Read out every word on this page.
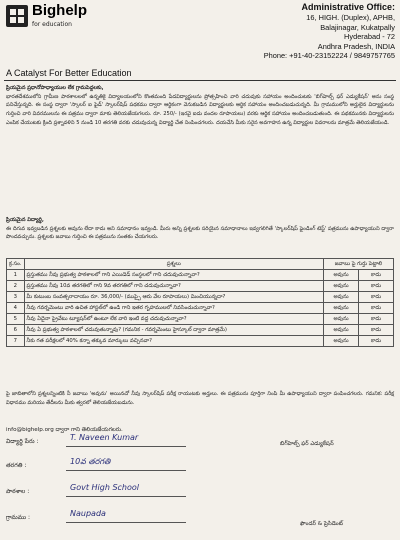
Bighelp
for education
Administrative Office:
16, HIGH. (Duplex), APHB,
Balajinagar, Kukatpally
Hyderabad - 72
Andhra Pradesh, INDIA
Phone: +91-40-23152224 / 9849757765
A Catalyst For Better Education
ప్రియమైన ప్రధానోపాధ్యాయుల లేక గ్రామపెద్దలకు,
భారతదేశములోని గ్రామీణ పాఠశాలలలో ఉన్నతికై విద్యాలయంలోని కొంతమంది పేదవిద్యార్థులను ప్రోత్సహించి వారి చదువుకు సహాయం అందించుటకు 'బిగ్‌హెల్ప్ ఫర్ ఎడ్యుకేషన్' అను సంస్థ పనిచేస్తున్నది. ఈ సంస్థ ద్వారా 'స్కాలర్ ఐ ఫైడ్' స్కాలర్‌షిప్ పథకము ద్వారా ఆర్థికంగా వెనుకబడిన విద్యార్థులకు ఆర్థిక సహాయం అందించబడుచున్నది. మీ గ్రామములోని అర్హులైన విద్యార్థులను గుర్తించి వారి వివరములను ఈ పత్రము ద్వారా మాకు తెలియజేయగలరు. రూ. 250/- (ఇరవై ఐదు వందల రూపాయలు) వరకు ఆర్థిక సహాయం అందించబడుతుంది. ఈ పథకమునకు విద్యార్థులను ఎంపిక చేయుటకు క్రింది ప్రశ్నావళిని 5 నుండి 10 తరగతి వరకు చదువుచున్న విద్యార్థి చేత నింపించగలరు. దయచేసి మీకు సరైన అవగాహన ఉన్న విద్యార్థుల వివరాలను మాత్రమే తెలియజేయండి.
ప్రియమైన విద్యార్థి,
ఈ దిగువ ఇవ్వబడిన ప్రశ్నలకు అవును లేదా కాదు అని సమాధానం ఇవ్వండి. మీరు అన్ని ప్రశ్నలకు సరియైన సమాధానాలు ఇవ్వగలిగితే 'స్కాలర్‌షిప్ ఫైండింగ్ టెస్ట్' పత్రమును ఉపాధ్యాయుని ద్వారా పొందవచ్చును. ప్రశ్నలకు జవాబు గుర్తించి ఈ పత్రమును సంతకం చేయగలరు.
క్ర.సం.	ప్రశ్నలు	జవాబు పై గుర్తు పెట్టాలి	
1	ప్రస్తుతము నీవు ప్రభుత్వ పాఠశాలలో గాని ఎయిడెడ్ సంస్థలలో గాని చదువుచున్నావా?	అవును	కాదు
2	ప్రస్తుతము నీవు 10వ తరగతిలో గాని 9వ తరగతిలో గాని చదువుచున్నావా?	అవును	కాదు
3	మీ కుటుంబ సంవత్సరాదాయం రూ. 36,000/- (ముప్పై ఆరు వేల రూపాయలు) మించియున్నదా?	అవును	కాదు
4	నీవు గవర్నమెంటు వారి ఉచిత హాస్టల్‌లో ఉండి గాని ఇతర గృహములలో నివసించుచున్నావా?	అవును	కాదు
5	నీవు ఏదైనా ప్రైవేటు ట్యూషన్‌లో ఉంటూ లేక వారి ఇంటి వద్ద చదువుచున్నావా?	అవును	కాదు
6	నీవు ఏ ప్రభుత్వ పాఠశాలలో చదువుతున్నావు? (గమనిక - గవర్నమెంటు హైస్కూల్ ద్వారా మాత్రమే)	అవును	కాదు
7	నీకు గత పరీక్షలలో 40% కన్నా తక్కువ మార్కులు వచ్చినవా?	అవును	కాదు
పై జాబితాలోని ప్రశ్నలన్నింటికి నీ జవాబు 'అవును' అయినచో నీవు స్కాలర్‌షిప్ పరీక్ష రాయుటకు అర్హులు. ఈ పత్రమును పూర్తిగా నింపి మీ ఉపాధ్యాయుని ద్వారా పంపించగలరు. గమనిక: పరీక్ష విధానము మరియు తేదీలను మీకు త్వరలో తెలియజేయబడును.
info@bighelp.org ద్వారా గాని తెలియజేయగలరు.
విద్యార్థి పేరు :	T. Naveen Kumar
తరగతి :	10వ తరగతి
పాఠశాల :	Govt High School
గ్రామము :	Naupada
బిగ్‌హెల్ప్ ఫర్ ఎడ్యుకేషన్
ఫౌండర్ & ప్రెసిడెంట్
